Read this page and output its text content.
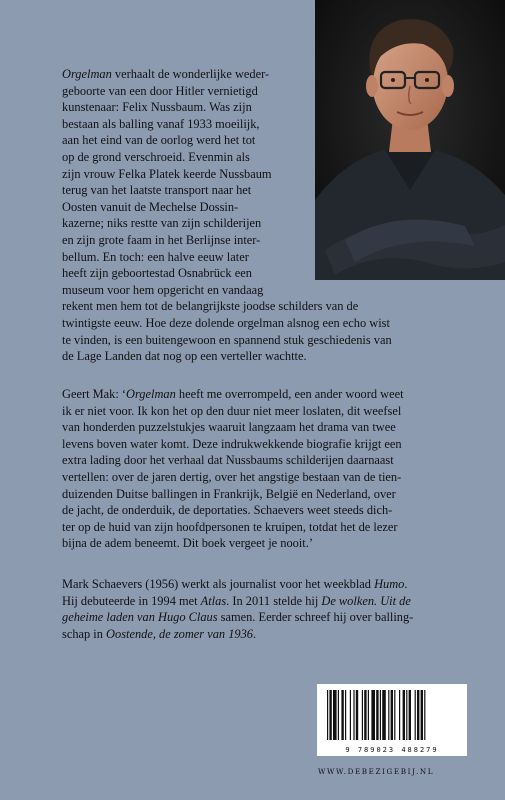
Orgelman verhaalt de wonderlijke weder-
geboorte van een door Hitler vernietigd
kunstenaar: Felix Nussbaum. Was zijn
bestaan als balling vanaf 1933 moeilijk,
aan het eind van de oorlog werd het tot
op de grond verschroeid. Evenmin als
zijn vrouw Felka Platek keerde Nussbaum
terug van het laatste transport naar het
Oosten vanuit de Mechelse Dossin-
kazerne; niks restte van zijn schilderijen
en zijn grote faam in het Berlijnse inter-
bellum. En toch: een halve eeuw later
heeft zijn geboortestad Osnabrück een
museum voor hem opgericht en vandaag
rekent men hem tot de belangrijkste joodse schilders van de
twintigste eeuw. Hoe deze dolende orgelman alsnog een echo wist
te vinden, is een buitengewoon en spannend stuk geschiedenis van
de Lage Landen dat nog op een verteller wachtte.
Geert Mak: ‘Orgelman heeft me overrompeld, een ander woord weet
ik er niet voor. Ik kon het op den duur niet meer loslaten, dit weefsel
van honderden puzzelstukjes waaruit langzaam het drama van twee
levens boven water komt. Deze indrukwekkende biografie krijgt een
extra lading door het verhaal dat Nussbaums schilderijen daarnaast
vertellen: over de jaren dertig, over het angstige bestaan van de tien-
duizenden Duitse ballingen in Frankrijk, België en Nederland, over
de jacht, de onderduik, de deportaties. Schaevers weet steeds dich-
ter op de huid van zijn hoofdpersonen te kruipen, totdat het de lezer
bijna de adem beneemt. Dit boek vergeet je nooit.’
Mark Schaevers (1956) werkt als journalist voor het weekblad Humo.
Hij debuteerde in 1994 met Atlas. In 2011 stelde hij De wolken. Uit de
geheime laden van Hugo Claus samen. Eerder schreef hij over balling-
schap in Oostende, de zomer van 1936.
9 789023 488279
WWW.DEBEZIGEBIJ.NL
